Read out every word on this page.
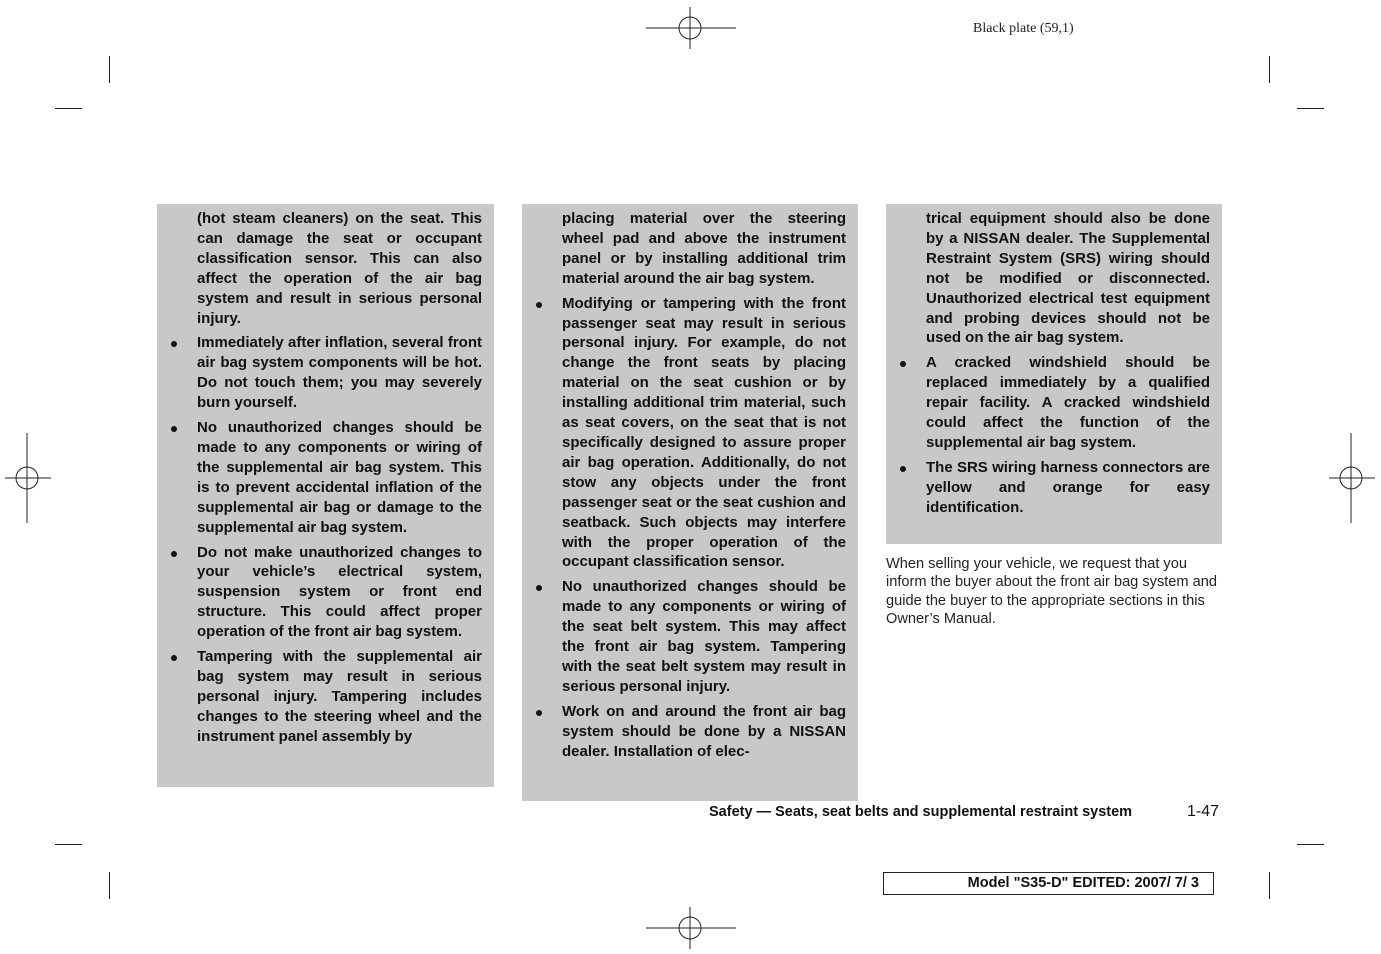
Black plate (59,1)

(hot steam cleaners) on the seat. This can damage the seat or occupant classification sensor. This can also affect the operation of the air bag system and result in serious personal injury.

Immediately after inflation, several front air bag system components will be hot. Do not touch them; you may severely burn yourself.
No unauthorized changes should be made to any components or wiring of the supplemental air bag system. This is to prevent accidental inflation of the supplemental air bag or damage to the supplemental air bag system.
Do not make unauthorized changes to your vehicle’s electrical system, suspension system or front end structure. This could affect proper operation of the front air bag system.
Tampering with the supplemental air bag system may result in serious personal injury. Tampering includes changes to the steering wheel and the instrument panel assembly by

placing material over the steering wheel pad and above the instrument panel or by installing additional trim material around the air bag system.

Modifying or tampering with the front passenger seat may result in serious personal injury. For example, do not change the front seats by placing material on the seat cushion or by installing additional trim material, such as seat covers, on the seat that is not specifically designed to assure proper air bag operation. Additionally, do not stow any objects under the front passenger seat or the seat cushion and seatback. Such objects may interfere with the proper operation of the occupant classification sensor.
No unauthorized changes should be made to any components or wiring of the seat belt system. This may affect the front air bag system. Tampering with the seat belt system may result in serious personal injury.
Work on and around the front air bag system should be done by a NISSAN dealer. Installation of elec-

trical equipment should also be done by a NISSAN dealer. The Supplemental Restraint System (SRS) wiring should not be modified or disconnected. Unauthorized electrical test equipment and probing devices should not be used on the air bag system.

A cracked windshield should be replaced immediately by a qualified repair facility. A cracked windshield could affect the function of the supplemental air bag system.
The SRS wiring harness connectors are yellow and orange for easy identification.

When selling your vehicle, we request that you inform the buyer about the front air bag system and guide the buyer to the appropriate sections in this Owner’s Manual.

Safety — Seats, seat belts and supplemental restraint system	1-47
Model "S35-D" EDITED: 2007/ 7/ 3
